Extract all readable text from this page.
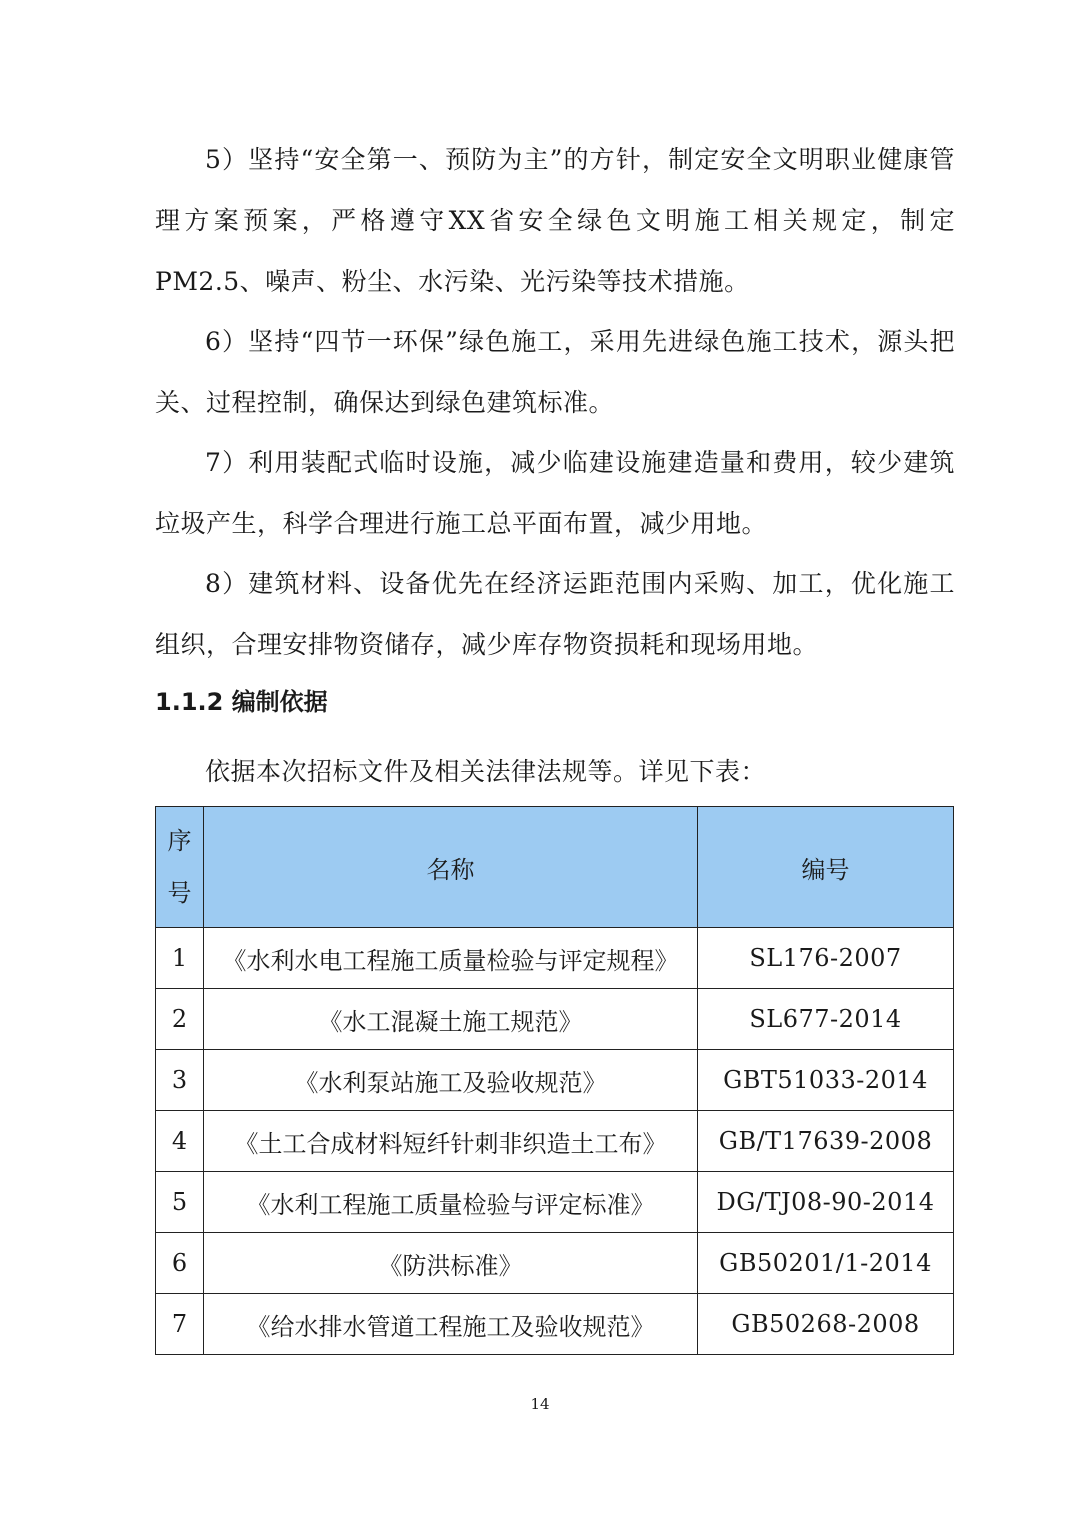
5）坚持“安全第一、预防为主”的方针，制定安全文明职业健康管理方案预案，严格遵守XX省安全绿色文明施工相关规定，制定PM2.5、噪声、粉尘、水污染、光污染等技术措施。

6）坚持“四节一环保”绿色施工，采用先进绿色施工技术，源头把关、过程控制，确保达到绿色建筑标准。

7）利用装配式临时设施，减少临建设施建造量和费用，较少建筑垃圾产生，科学合理进行施工总平面布置，减少用地。

8）建筑材料、设备优先在经济运距范围内采购、加工，优化施工组织，合理安排物资储存，减少库存物资损耗和现场用地。

1.1.2 编制依据

依据本次招标文件及相关法律法规等。详见下表：

序号	名称	编号
1	《水利水电工程施工质量检验与评定规程》	SL176-2007
2	《水工混凝土施工规范》	SL677-2014
3	《水利泵站施工及验收规范》	GBT51033-2014
4	《土工合成材料短纤针刺非织造土工布》	GB/T17639-2008
5	《水利工程施工质量检验与评定标准》	DG/TJ08-90-2014
6	《防洪标准》	GB50201/1-2014
7	《给水排水管道工程施工及验收规范》	GB50268-2008
14
